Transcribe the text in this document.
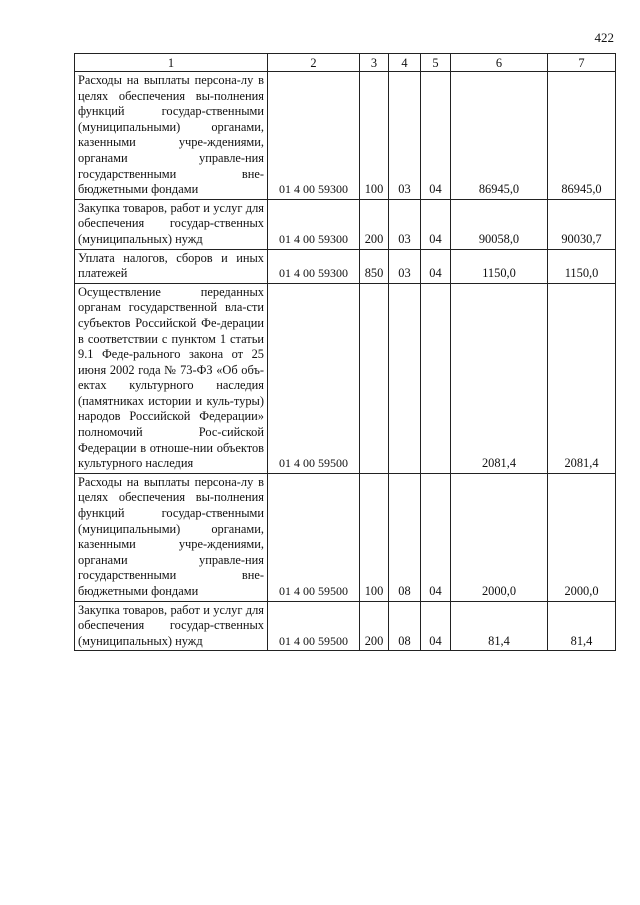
422
1	2	3	4	5	6	7
Расходы на выплаты персона-лу в целях обеспечения вы-полнения функций государ-ственными (муниципальными) органами, казенными учре-ждениями, органами управле-ния государственными вне-бюджетными фондами	01 4 00 59300	100	03	04	86945,0	86945,0
Закупка товаров, работ и услуг для обеспечения государ-ственных (муниципальных) нужд	01 4 00 59300	200	03	04	90058,0	90030,7
Уплата налогов, сборов и иных платежей	01 4 00 59300	850	03	04	1150,0	1150,0
Осуществление переданных органам государственной вла-сти субъектов Российской Фе-дерации в соответствии с пунктом 1 статьи 9.1 Феде-рального закона от 25 июня 2002 года № 73-ФЗ «Об объ-ектах культурного наследия (памятниках истории и куль-туры) народов Российской Федерации» полномочий Рос-сийской Федерации в отноше-нии объектов культурного наследия	01 4 00 59500				2081,4	2081,4
Расходы на выплаты персона-лу в целях обеспечения вы-полнения функций государ-ственными (муниципальными) органами, казенными учре-ждениями, органами управле-ния государственными вне-бюджетными фондами	01 4 00 59500	100	08	04	2000,0	2000,0
Закупка товаров, работ и услуг для обеспечения государ-ственных (муниципальных) нужд	01 4 00 59500	200	08	04	81,4	81,4
